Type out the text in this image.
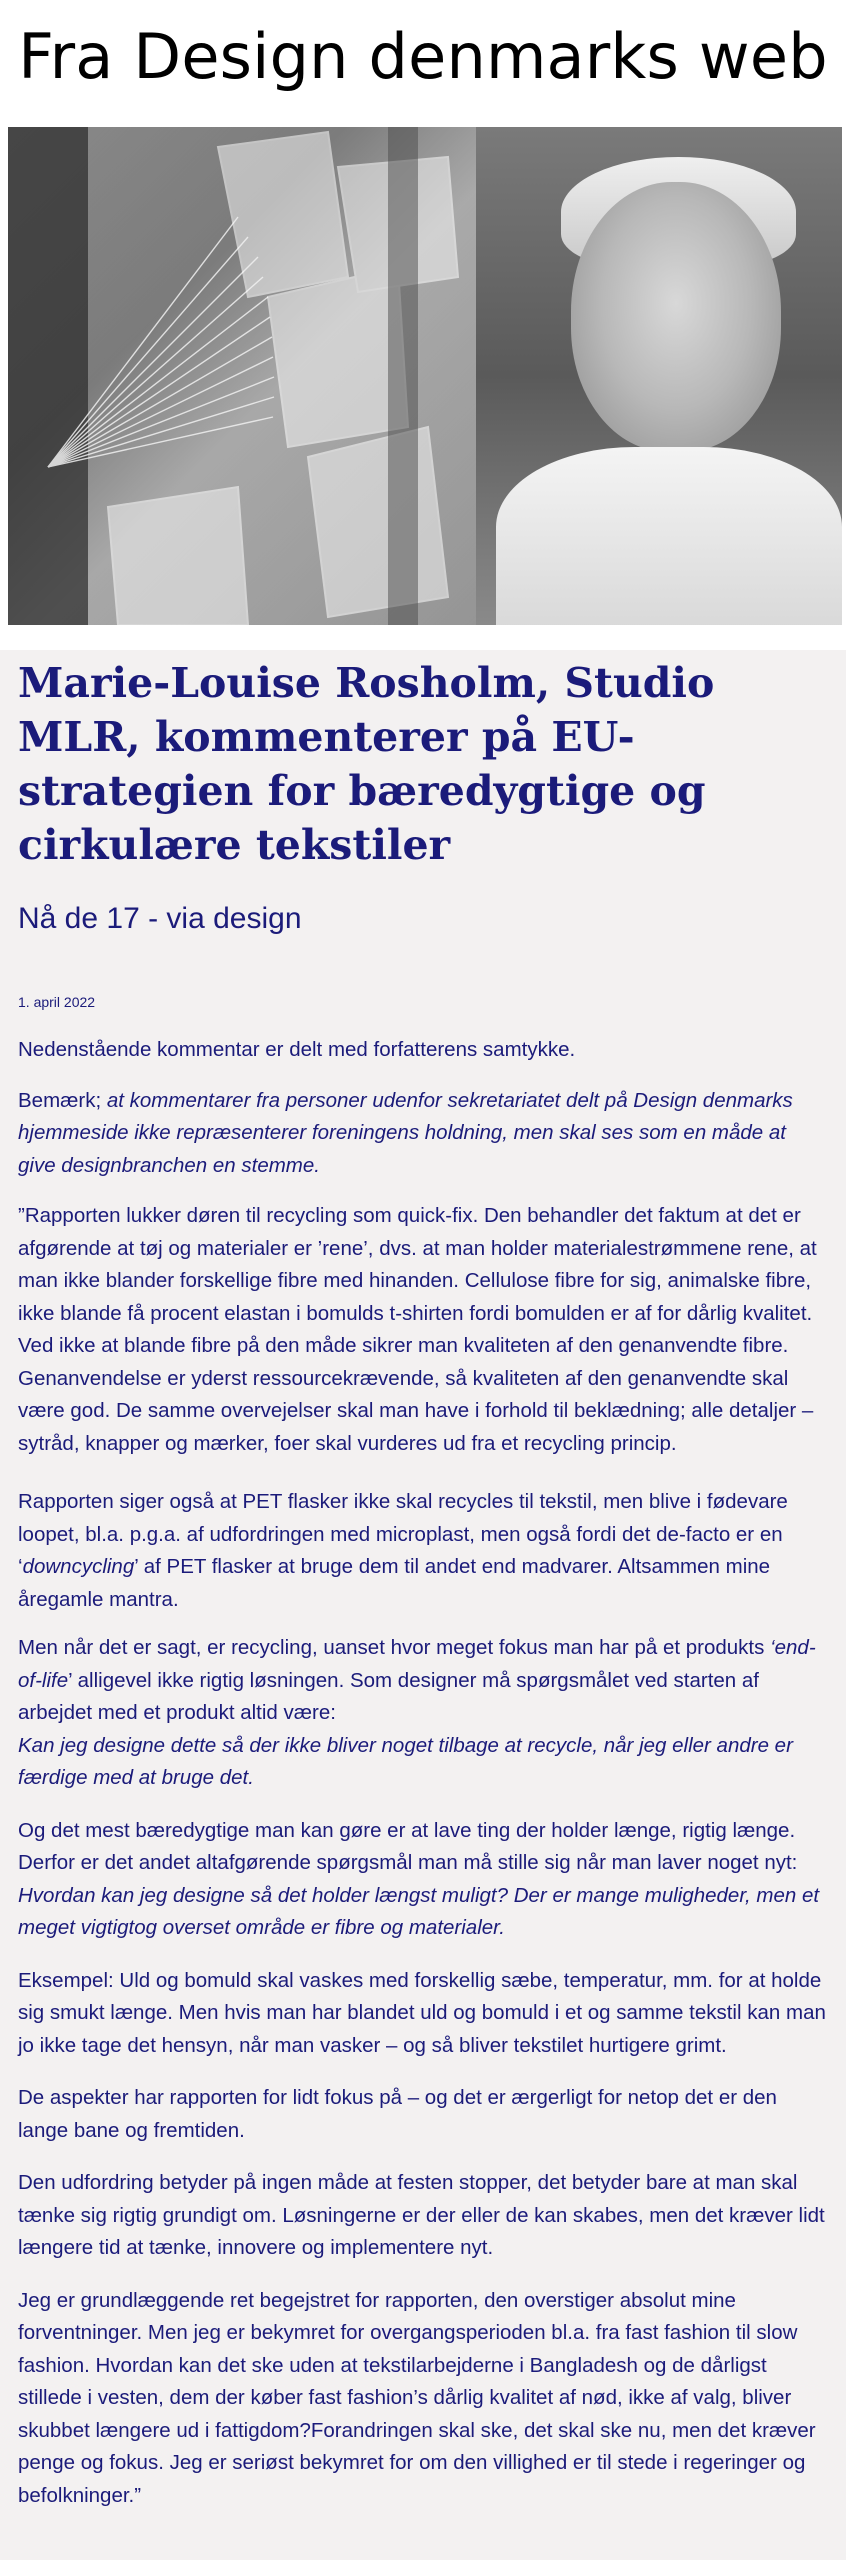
Fra Design denmarks web
Marie-Louise Rosholm, Studio MLR, kommenterer på EU-strategien for bæredygtige og cirkulære tekstiler
Nå de 17 - via design
1. april 2022

Nedenstående kommentar er delt med forfatterens samtykke.

Bemærk; at kommentarer fra personer udenfor sekretariatet delt på Design denmarks hjemmeside ikke repræsenterer foreningens holdning, men skal ses som en måde at give designbranchen en stemme.

”Rapporten lukker døren til recycling som quick-fix. Den behandler det faktum at det er afgørende at tøj og materialer er ’rene’, dvs. at man holder materialestrømmene rene, at man ikke blander forskellige fibre med hinanden. Cellulose fibre for sig, animalske fibre, ikke blande få procent elastan i bomulds t-shirten fordi bomulden er af for dårlig kvalitet. Ved ikke at blande fibre på den måde sikrer man kvaliteten af den genanvendte fibre. Genanvendelse er yderst ressourcekrævende, så kvaliteten af den genanvendte skal være god. De samme overvejelser skal man have i forhold til beklædning; alle detaljer – sytråd, knapper og mærker, foer skal vurderes ud fra et recycling princip.

Rapporten siger også at PET flasker ikke skal recycles til tekstil, men blive i fødevare loopet, bl.a. p.g.a. af udfordringen med microplast, men også fordi det de-facto er en ‘downcycling’ af PET flasker at bruge dem til andet end madvarer. Altsammen mine åregamle mantra.

Men når det er sagt, er recycling, uanset hvor meget fokus man har på et produkts ‘end-of-life’ alligevel ikke rigtig løsningen. Som designer må spørgsmålet ved starten af arbejdet med et produkt altid være:
Kan jeg designe dette så der ikke bliver noget tilbage at recycle, når jeg eller andre er færdige med at bruge det.

Og det mest bæredygtige man kan gøre er at lave ting der holder længe, rigtig længe. Derfor er det andet altafgørende spørgsmål man må stille sig når man laver noget nyt:
Hvordan kan jeg designe så det holder længst muligt? Der er mange muligheder, men et meget vigtigtog overset område er fibre og materialer.

Eksempel: Uld og bomuld skal vaskes med forskellig sæbe, temperatur, mm. for at holde sig smukt længe. Men hvis man har blandet uld og bomuld i et og samme tekstil kan man jo ikke tage det hensyn, når man vasker – og så bliver tekstilet hurtigere grimt.

De aspekter har rapporten for lidt fokus på – og det er ærgerligt for netop det er den lange bane og fremtiden.

Den udfordring betyder på ingen måde at festen stopper, det betyder bare at man skal tænke sig rigtig grundigt om. Løsningerne er der eller de kan skabes, men det kræver lidt længere tid at tænke, innovere og implementere nyt.

Jeg er grundlæggende ret begejstret for rapporten, den overstiger absolut mine forventninger. Men jeg er bekymret for overgangsperioden bl.a. fra fast fashion til slow fashion. Hvordan kan det ske uden at tekstilarbejderne i Bangladesh og de dårligst stillede i vesten, dem der køber fast fashion’s dårlig kvalitet af nød, ikke af valg, bliver skubbet længere ud i fattigdom?Forandringen skal ske, det skal ske nu, men det kræver penge og fokus. Jeg er seriøst bekymret for om den villighed er til stede i regeringer og befolkninger.”
